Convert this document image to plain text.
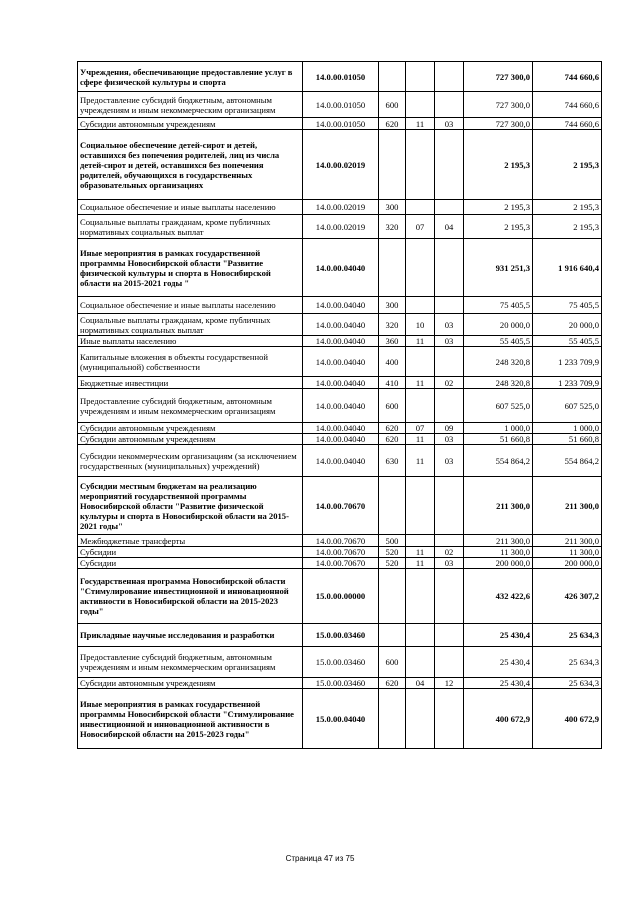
Учреждения, обеспечивающие предоставление услуг в сфере физической культуры и спорта	14.0.00.01050				727 300,0	744 660,6
Предоставление субсидий бюджетным, автономным учреждениям и иным некоммерческим организациям	14.0.00.01050	600			727 300,0	744 660,6
Субсидии автономным учреждениям	14.0.00.01050	620	11	03	727 300,0	744 660,6
Социальное обеспечение детей-сирот и детей, оставшихся без попечения родителей, лиц из числа детей-сирот и детей, оставшихся без попечения родителей, обучающихся в государственных образовательных организациях	14.0.00.02019				2 195,3	2 195,3
Социальное обеспечение и иные выплаты населению	14.0.00.02019	300			2 195,3	2 195,3
Социальные выплаты гражданам, кроме публичных нормативных социальных выплат	14.0.00.02019	320	07	04	2 195,3	2 195,3
Иные мероприятия в рамках государственной программы Новосибирской области "Развитие физической культуры и спорта в Новосибирской области на 2015-2021 годы "	14.0.00.04040				931 251,3	1 916 640,4
Социальное обеспечение и иные выплаты населению	14.0.00.04040	300			75 405,5	75 405,5
Социальные выплаты гражданам, кроме публичных нормативных социальных выплат	14.0.00.04040	320	10	03	20 000,0	20 000,0
Иные выплаты населению	14.0.00.04040	360	11	03	55 405,5	55 405,5
Капитальные вложения в объекты государственной (муниципальной) собственности	14.0.00.04040	400			248 320,8	1 233 709,9
Бюджетные инвестиции	14.0.00.04040	410	11	02	248 320,8	1 233 709,9
Предоставление субсидий бюджетным, автономным учреждениям и иным некоммерческим организациям	14.0.00.04040	600			607 525,0	607 525,0
Субсидии автономным учреждениям	14.0.00.04040	620	07	09	1 000,0	1 000,0
Субсидии автономным учреждениям	14.0.00.04040	620	11	03	51 660,8	51 660,8
Субсидии некоммерческим организациям (за исключением государственных (муниципальных) учреждений)	14.0.00.04040	630	11	03	554 864,2	554 864,2
Субсидии местным бюджетам на реализацию мероприятий государственной программы Новосибирской области "Развитие физической культуры и спорта в Новосибирской области на 2015-2021 годы"	14.0.00.70670				211 300,0	211 300,0
Межбюджетные трансферты	14.0.00.70670	500			211 300,0	211 300,0
Субсидии	14.0.00.70670	520	11	02	11 300,0	11 300,0
Субсидии	14.0.00.70670	520	11	03	200 000,0	200 000,0
Государственная программа Новосибирской области "Стимулирование инвестиционной и инновационной активности в Новосибирской области на 2015-2023 годы"	15.0.00.00000				432 422,6	426 307,2
Прикладные научные исследования и разработки	15.0.00.03460				25 430,4	25 634,3
Предоставление субсидий бюджетным, автономным учреждениям и иным некоммерческим организациям	15.0.00.03460	600			25 430,4	25 634,3
Субсидии автономным учреждениям	15.0.00.03460	620	04	12	25 430,4	25 634,3
Иные мероприятия в рамках государственной программы Новосибирской области "Стимулирование инвестиционной и инновационной активности в Новосибирской области на 2015-2023 годы"	15.0.00.04040				400 672,9	400 672,9
Страница 47 из 75
